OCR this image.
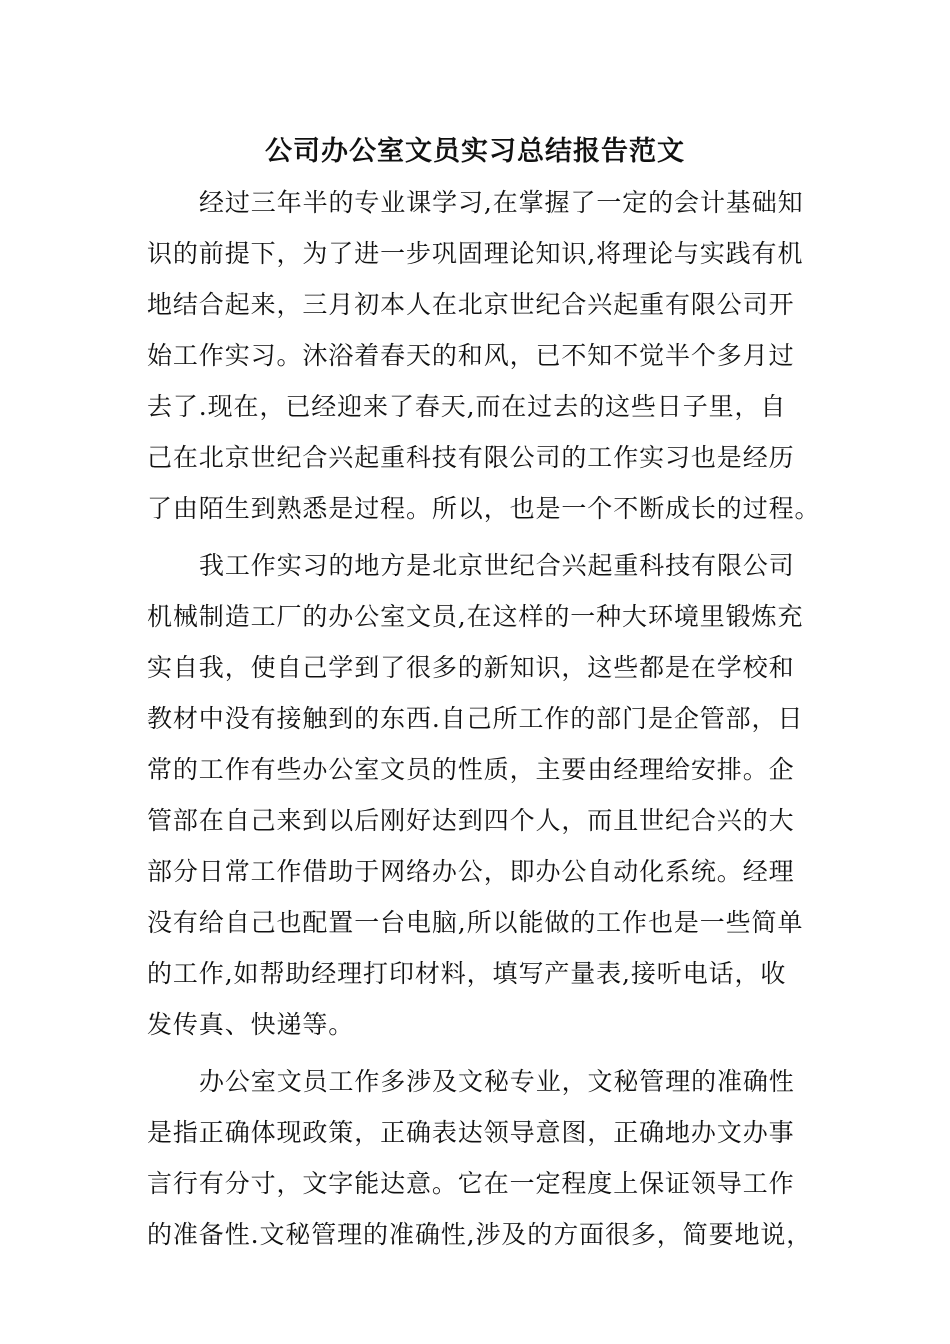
公司办公室文员实习总结报告范文
经过三年半的专业课学习,在掌握了一定的会计基础知
识的前提下，为了进一步巩固理论知识,将理论与实践有机
地结合起来，三月初本人在北京世纪合兴起重有限公司开
始工作实习。沐浴着春天的和风，已不知不觉半个多月过
去了.现在，已经迎来了春天,而在过去的这些日子里，自
己在北京世纪合兴起重科技有限公司的工作实习也是经历
了由陌生到熟悉是过程。所以，也是一个不断成长的过程。
我工作实习的地方是北京世纪合兴起重科技有限公司
机械制造工厂的办公室文员,在这样的一种大环境里锻炼充
实自我，使自己学到了很多的新知识，这些都是在学校和
教材中没有接触到的东西.自己所工作的部门是企管部，日
常的工作有些办公室文员的性质，主要由经理给安排。企
管部在自己来到以后刚好达到四个人，而且世纪合兴的大
部分日常工作借助于网络办公，即办公自动化系统。经理
没有给自己也配置一台电脑,所以能做的工作也是一些简单
的工作,如帮助经理打印材料，填写产量表,接听电话，收
发传真、快递等。
办公室文员工作多涉及文秘专业，文秘管理的准确性
是指正确体现政策，正确表达领导意图，正确地办文办事
言行有分寸，文字能达意。它在一定程度上保证领导工作
的准备性.文秘管理的准确性,涉及的方面很多，简要地说，
